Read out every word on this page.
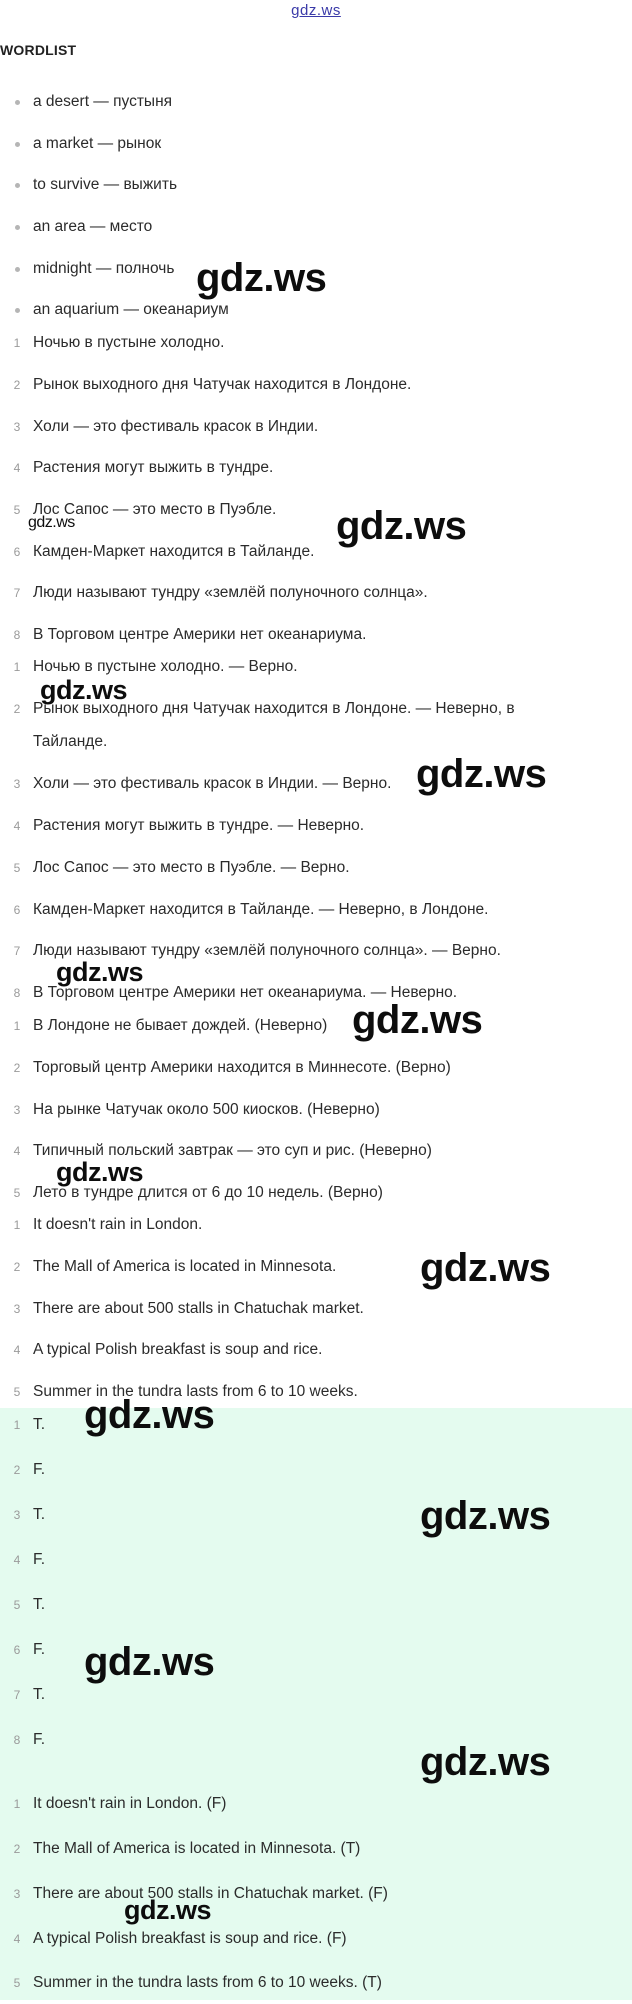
gdz.ws
WORDLIST
a desert — пустыня
a market — рынок
to survive — выжить
an area — место
midnight — полночь
an aquarium — океанариум
1 Ночью в пустыне холодно.
2 Рынок выходного дня Чатучак находится в Лондоне.
3 Холи — это фестиваль красок в Индии.
4 Растения могут выжить в тундре.
5 Лос Сапос — это место в Пуэбле.
6 Камден-Маркет находится в Тайланде.
7 Люди называют тундру «землёй полуночного солнца».
8 В Торговом центре Америки нет океанариума.
1 Ночью в пустыне холодно. — Верно.
2 Рынок выходного дня Чатучак находится в Лондоне. — Неверно, в
Тайланде.
3 Холи — это фестиваль красок в Индии. — Верно.
4 Растения могут выжить в тундре. — Неверно.
5 Лос Сапос — это место в Пуэбле. — Верно.
6 Камден-Маркет находится в Тайланде. — Неверно, в Лондоне.
7 Люди называют тундру «землёй полуночного солнца». — Верно.
8 В Торговом центре Америки нет океанариума. — Неверно.
1 В Лондоне не бывает дождей. (Неверно)
2 Торговый центр Америки находится в Миннесоте. (Верно)
3 На рынке Чатучак около 500 киосков. (Неверно)
4 Типичный польский завтрак — это суп и рис. (Неверно)
5 Лето в тундре длится от 6 до 10 недель. (Верно)
1 It doesn't rain in London.
2 The Mall of America is located in Minnesota.
3 There are about 500 stalls in Chatuchak market.
4 A typical Polish breakfast is soup and rice.
5 Summer in the tundra lasts from 6 to 10 weeks.
1 T.
2 F.
3 T.
4 F.
5 T.
6 F.
7 T.
8 F.
1 It doesn't rain in London. (F)
2 The Mall of America is located in Minnesota. (T)
3 There are about 500 stalls in Chatuchak market. (F)
4 A typical Polish breakfast is soup and rice. (F)
5 Summer in the tundra lasts from 6 to 10 weeks. (T)
gdz.ws
gdz.ws
gdz.ws
gdz.ws
gdz.ws
gdz.ws
gdz.ws
gdz.ws
gdz.ws
gdz.ws
gdz.ws
gdz.ws
gdz.ws
gdz.ws
